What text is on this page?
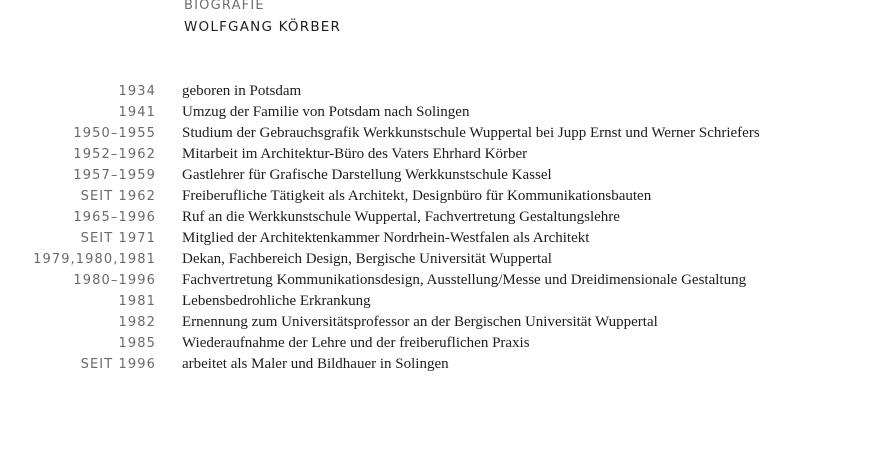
BIOGRAFIE
WOLFGANG KÖRBER
1934 geboren in Potsdam
1941 Umzug der Familie von Potsdam nach Solingen
1950–1955 Studium der Gebrauchsgrafik Werkkunstschule Wuppertal bei Jupp Ernst und Werner Schriefers
1952–1962 Mitarbeit im Architektur-Büro des Vaters Ehrhard Körber
1957–1959 Gastlehrer für Grafische Darstellung Werkkunstschule Kassel
SEIT 1962 Freiberufliche Tätigkeit als Architekt, Designbüro für Kommunikationsbauten
1965–1996 Ruf an die Werkkunstschule Wuppertal, Fachvertretung Gestaltungslehre
SEIT 1971 Mitglied der Architektenkammer Nordrhein-Westfalen als Architekt
1979,1980,1981 Dekan, Fachbereich Design, Bergische Universität Wuppertal
1980–1996 Fachvertretung Kommunikationsdesign, Ausstellung/Messe und Dreidimensionale Gestaltung
1981 Lebensbedrohliche Erkrankung
1982 Ernennung zum Universitätsprofessor an der Bergischen Universität Wuppertal
1985 Wiederaufnahme der Lehre und der freiberuflichen Praxis
SEIT 1996 arbeitet als Maler und Bildhauer in Solingen
